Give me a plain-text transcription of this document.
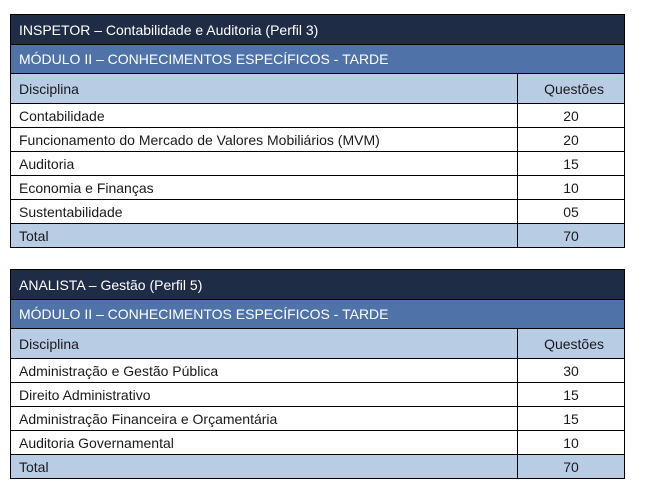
INSPETOR – Contabilidade e Auditoria (Perfil 3)	
MÓDULO II – CONHECIMENTOS ESPECÍFICOS - TARDE	
Disciplina	Questões
Contabilidade	20
Funcionamento do Mercado de Valores Mobiliários (MVM)	20
Auditoria	15
Economia e Finanças	10
Sustentabilidade	05
Total	70
ANALISTA – Gestão (Perfil 5)	
MÓDULO II – CONHECIMENTOS ESPECÍFICOS - TARDE	
Disciplina	Questões
Administração e Gestão Pública	30
Direito Administrativo	15
Administração Financeira e Orçamentária	15
Auditoria Governamental	10
Total	70
